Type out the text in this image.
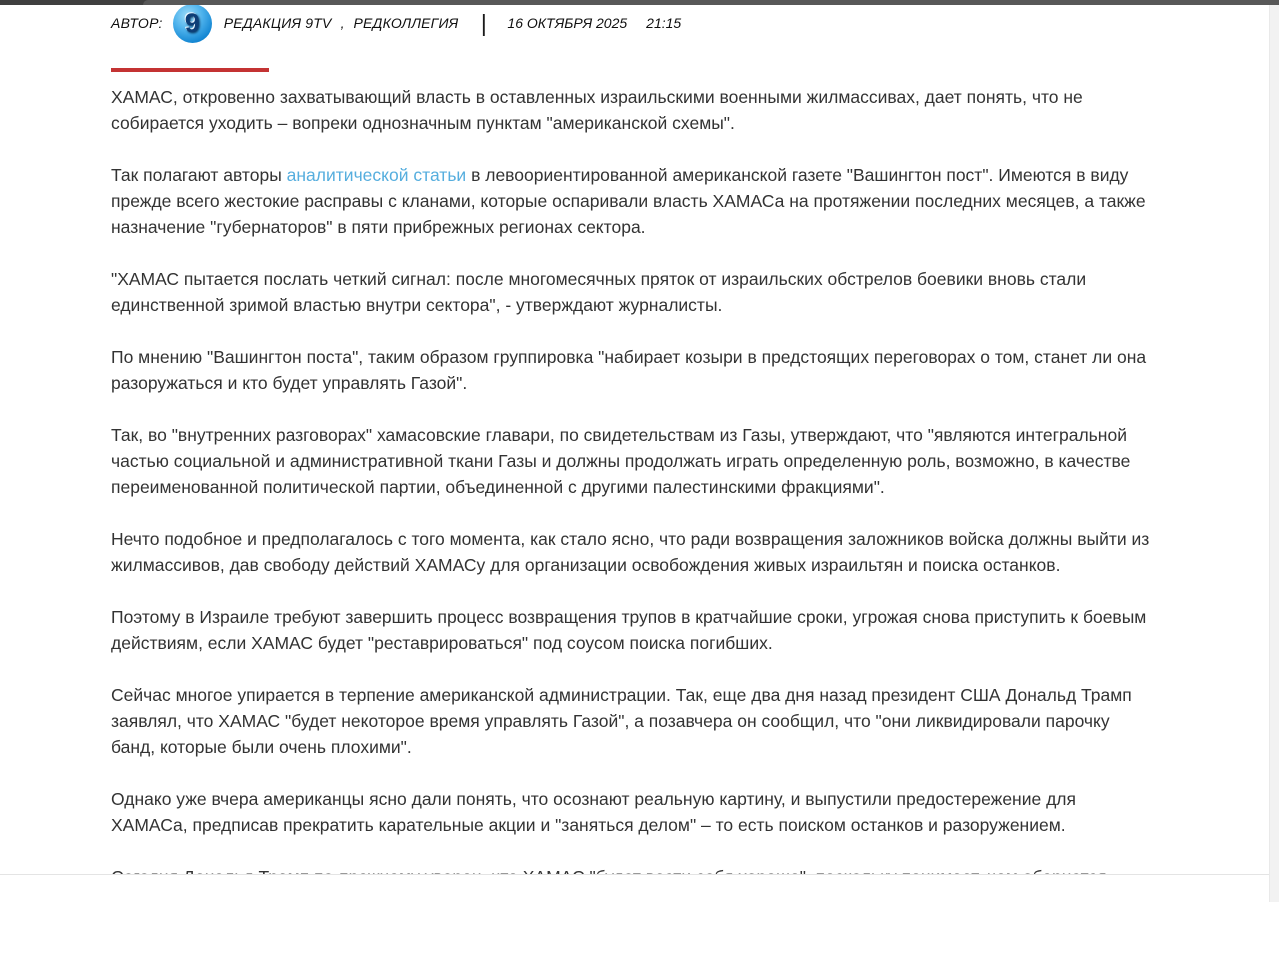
АВТОР: 9 РЕДАКЦИЯ 9TV , РЕДКОЛЛЕГИЯ | 16 ОКТЯБРЯ 2025 21:15

ХАМАС, откровенно захватывающий власть в оставленных израильскими военными жилмассивах, дает понять, что не собирается уходить – вопреки однозначным пунктам "американской схемы".

Так полагают авторы аналитической статьи в левоориентированной американской газете "Вашингтон пост". Имеются в виду прежде всего жестокие расправы с кланами, которые оспаривали власть ХАМАСа на протяжении последних месяцев, а также назначение "губернаторов" в пяти прибрежных регионах сектора.

"ХАМАС пытается послать четкий сигнал: после многомесячных пряток от израильских обстрелов боевики вновь стали единственной зримой властью внутри сектора", - утверждают журналисты.

По мнению "Вашингтон поста", таким образом группировка "набирает козыри в предстоящих переговорах о том, станет ли она разоружаться и кто будет управлять Газой".

Так, во "внутренних разговорах" хамасовские главари, по свидетельствам из Газы, утверждают, что "являются интегральной частью социальной и административной ткани Газы и должны продолжать играть определенную роль, возможно, в качестве переименованной политической партии, объединенной с другими палестинскими фракциями".

Нечто подобное и предполагалось с того момента, как стало ясно, что ради возвращения заложников войска должны выйти из жилмассивов, дав свободу действий ХАМАСу для организации освобождения живых израильтян и поиска останков.

Поэтому в Израиле требуют завершить процесс возвращения трупов в кратчайшие сроки, угрожая снова приступить к боевым действиям, если ХАМАС будет "реставрироваться" под соусом поиска погибших.

Сейчас многое упирается в терпение американской администрации. Так, еще два дня назад президент США Дональд Трамп заявлял, что ХАМАС "будет некоторое время управлять Газой", а позавчера он сообщил, что "они ликвидировали парочку банд, которые были очень плохими".

Однако уже вчера американцы ясно дали понять, что осознают реальную картину, и выпустили предостережение для ХАМАСа, предписав прекратить карательные акции и "заняться делом" – то есть поиском останков и разоружением.
